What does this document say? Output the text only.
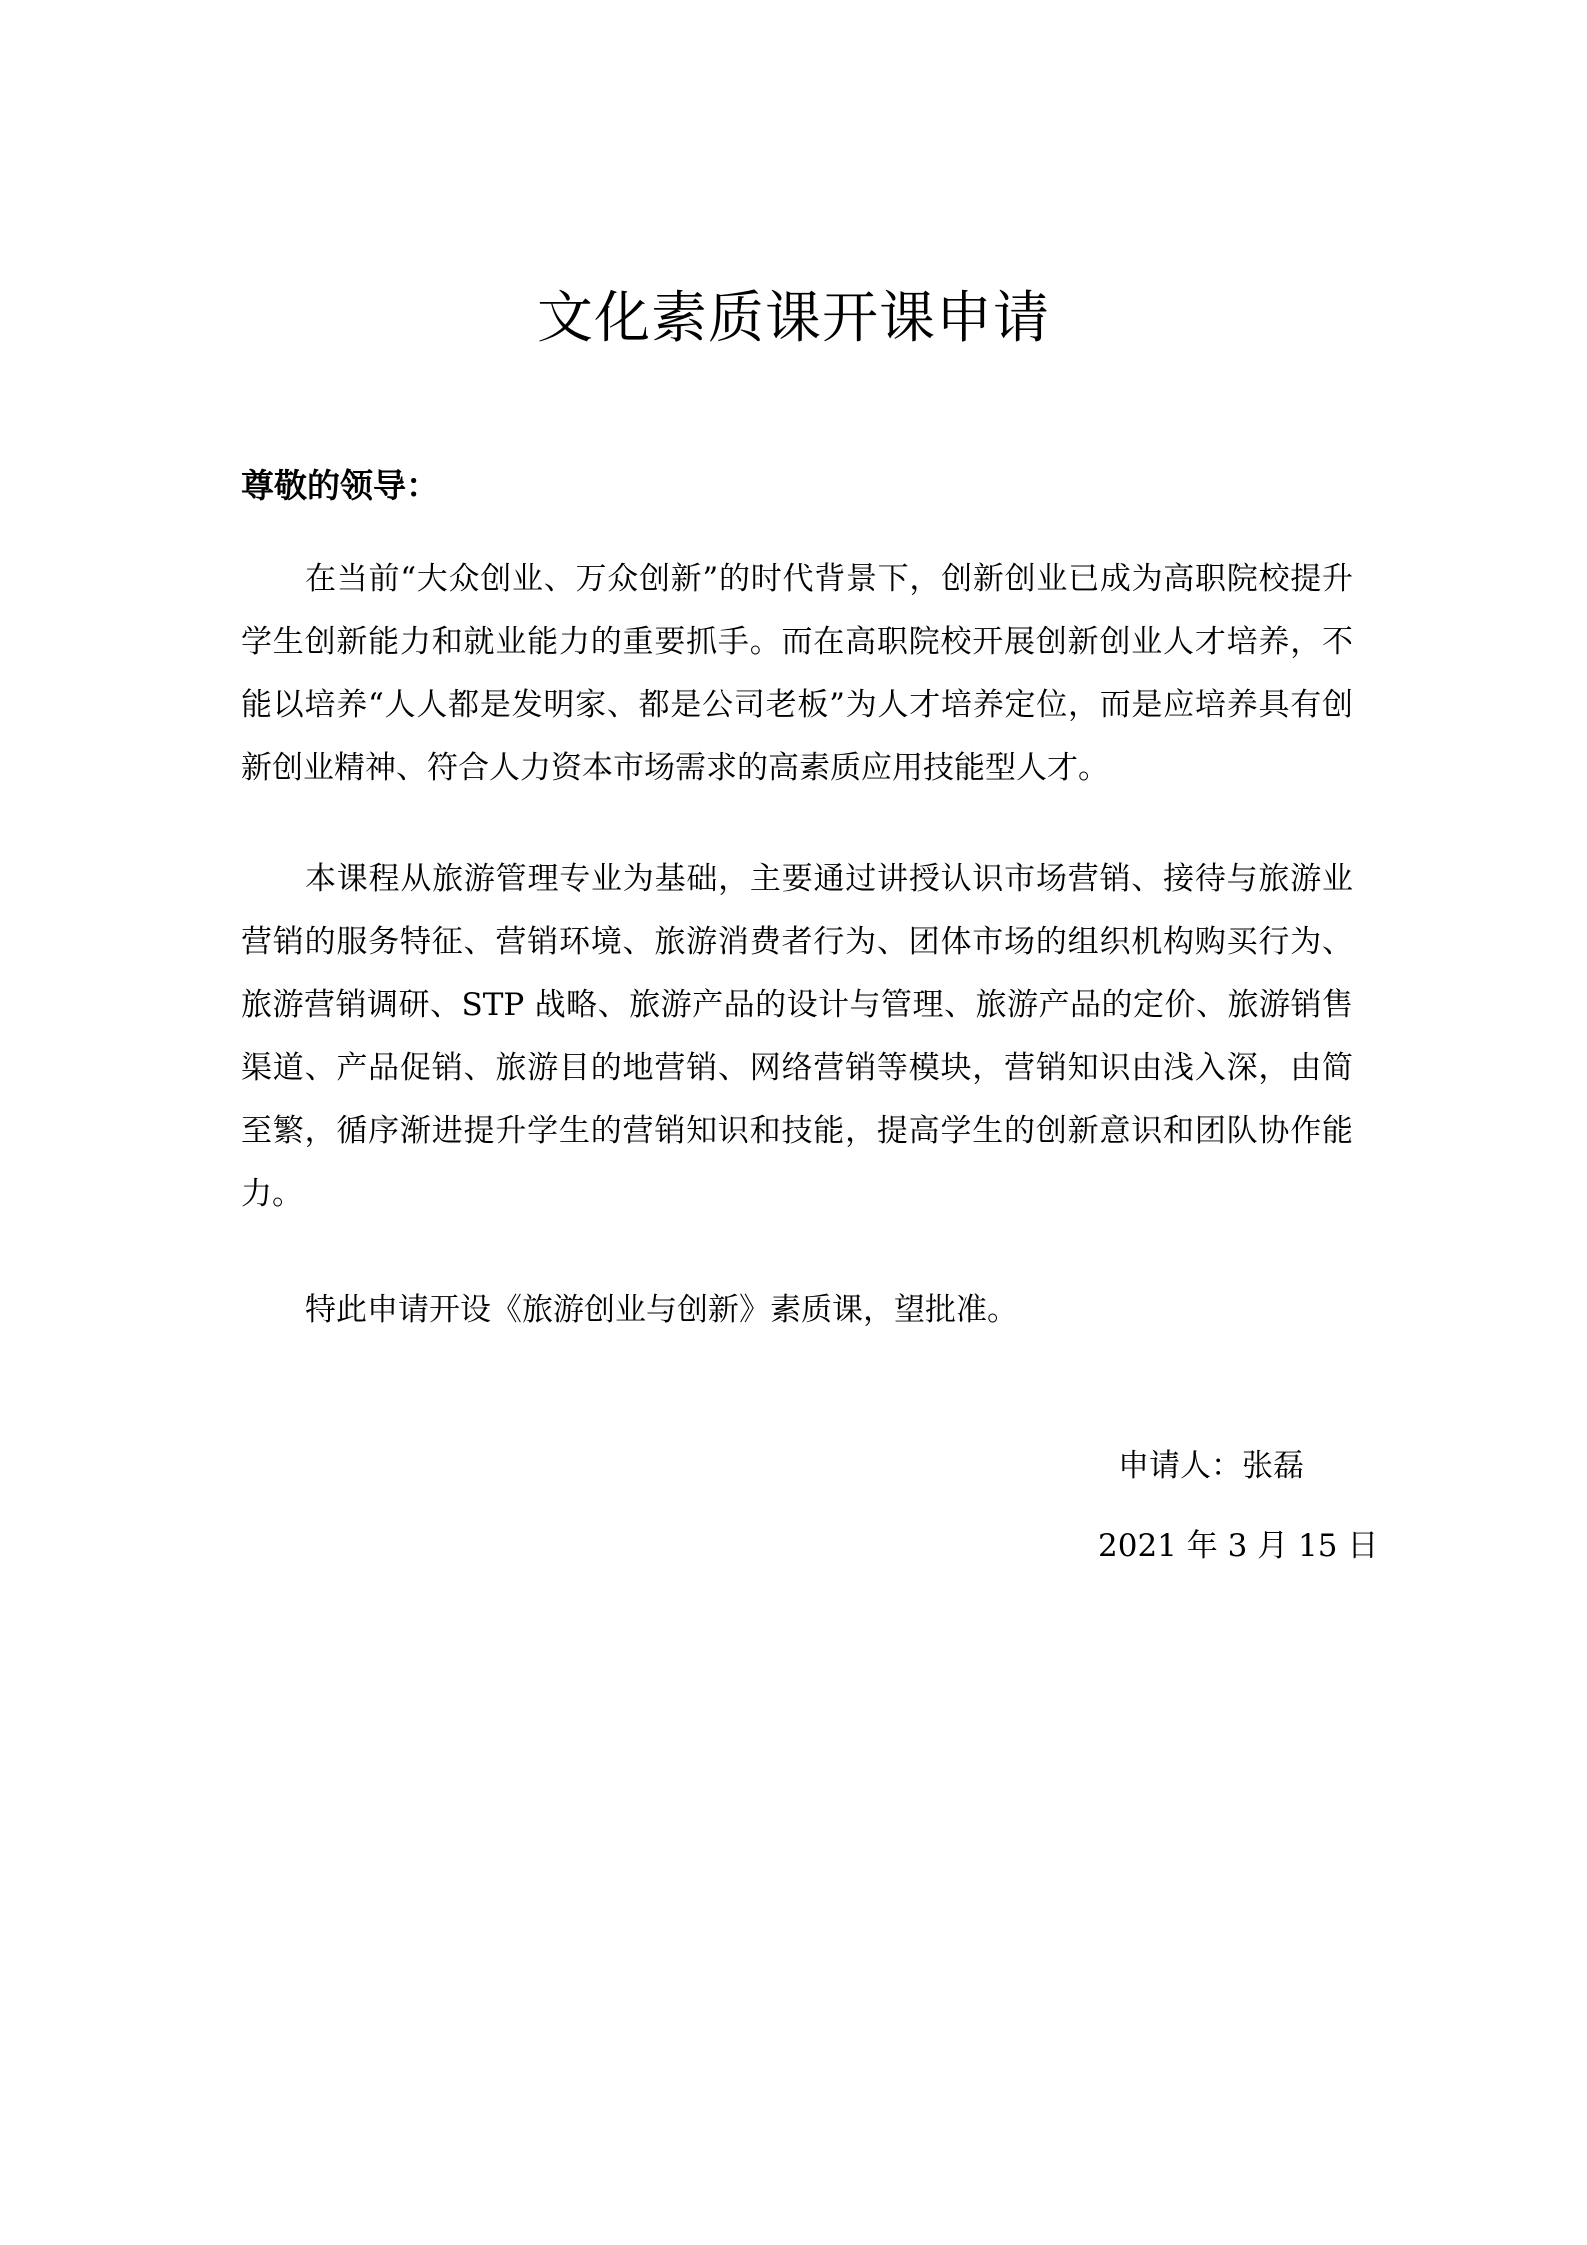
文化素质课开课申请

尊敬的领导：

在当前“大众创业、万众创新”的时代背景下，创新创业已成为高职院校提升学生创新能力和就业能力的重要抓手。而在高职院校开展创新创业人才培养，不能以培养“人人都是发明家、都是公司老板”为人才培养定位，而是应培养具有创新创业精神、符合人力资本市场需求的高素质应用技能型人才。

本课程从旅游管理专业为基础，主要通过讲授认识市场营销、接待与旅游业营销的服务特征、营销环境、旅游消费者行为、团体市场的组织机构购买行为、旅游营销调研、STP 战略、旅游产品的设计与管理、旅游产品的定价、旅游销售渠道、产品促销、旅游目的地营销、网络营销等模块，营销知识由浅入深，由简至繁，循序渐进提升学生的营销知识和技能，提高学生的创新意识和团队协作能力。

特此申请开设《旅游创业与创新》素质课，望批准。

申请人：张磊

2021 年 3 月 15 日
